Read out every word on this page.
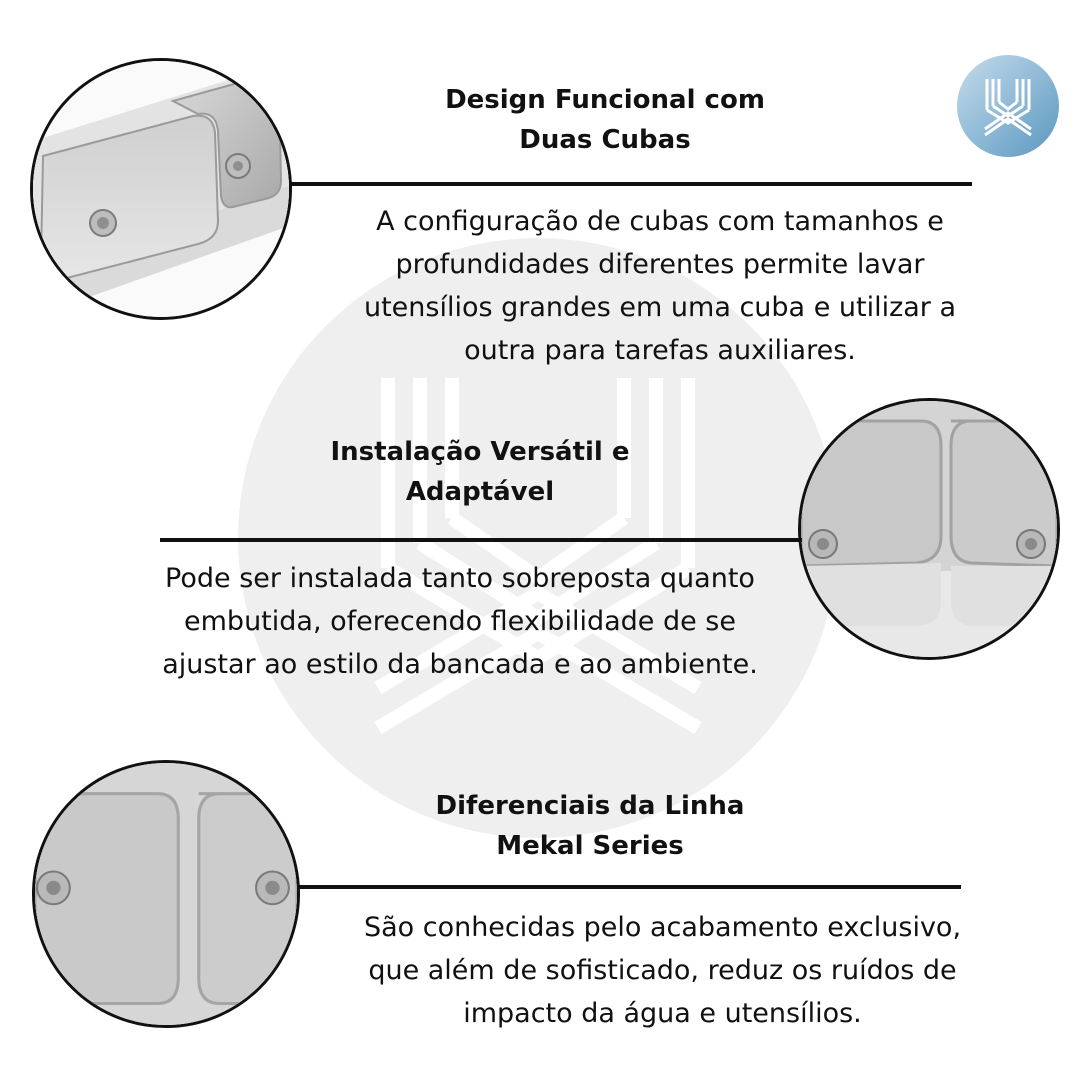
Design Funcional com
Duas Cubas

A configuração de cubas com tamanhos e
profundidades diferentes permite lavar
utensílios grandes em uma cuba e utilizar a
outra para tarefas auxiliares.

Instalação Versátil e
Adaptável

Pode ser instalada tanto sobreposta quanto
embutida, oferecendo flexibilidade de se
ajustar ao estilo da bancada e ao ambiente.

Diferenciais da Linha
Mekal Series

São conhecidas pelo acabamento exclusivo,
que além de sofisticado, reduz os ruídos de
impacto da água e utensílios.
